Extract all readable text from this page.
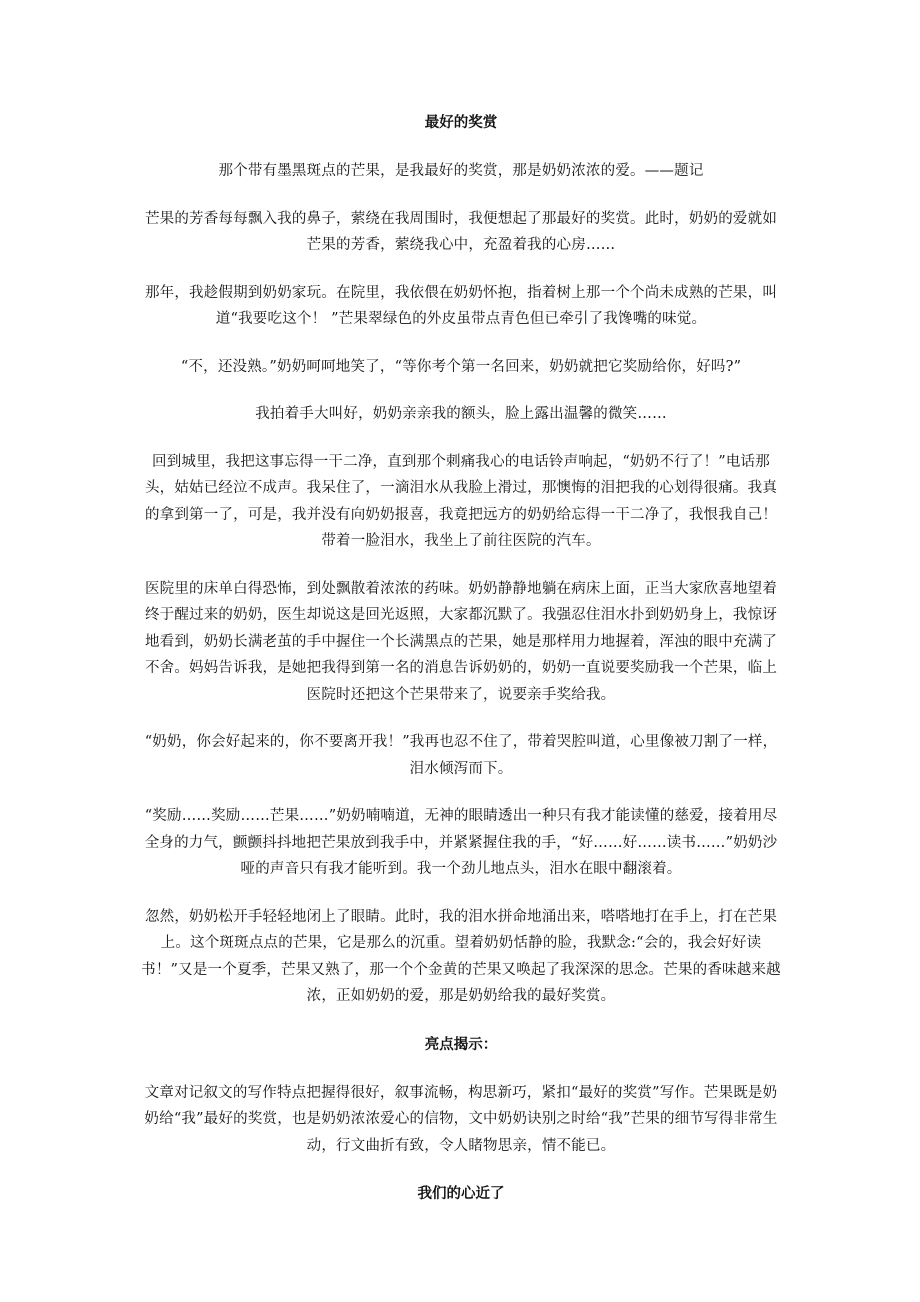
最好的奖赏

那个带有墨黑斑点的芒果，是我最好的奖赏，那是奶奶浓浓的爱。——题记

芒果的芳香每每飘入我的鼻子，萦绕在我周围时，我便想起了那最好的奖赏。此时，奶奶的爱就如芒果的芳香，萦绕我心中，充盈着我的心房……

那年，我趁假期到奶奶家玩。在院里，我依偎在奶奶怀抱，指着树上那一个个尚未成熟的芒果，叫道“我要吃这个！ ”芒果翠绿色的外皮虽带点青色但已牵引了我馋嘴的味觉。

“不，还没熟。”奶奶呵呵地笑了，“等你考个第一名回来，奶奶就把它奖励给你，好吗?”

我拍着手大叫好，奶奶亲亲我的额头，脸上露出温馨的微笑……

回到城里，我把这事忘得一干二净，直到那个刺痛我心的电话铃声响起，“奶奶不行了！”电话那头，姑姑已经泣不成声。我呆住了，一滴泪水从我脸上滑过，那懊悔的泪把我的心划得很痛。我真的拿到第一了，可是，我并没有向奶奶报喜，我竟把远方的奶奶给忘得一干二净了，我恨我自己！带着一脸泪水，我坐上了前往医院的汽车。

医院里的床单白得恐怖，到处飘散着浓浓的药味。奶奶静静地躺在病床上面，正当大家欣喜地望着终于醒过来的奶奶，医生却说这是回光返照，大家都沉默了。我强忍住泪水扑到奶奶身上，我惊讶地看到，奶奶长满老茧的手中握住一个长满黑点的芒果，她是那样用力地握着，浑浊的眼中充满了不舍。妈妈告诉我，是她把我得到第一名的消息告诉奶奶的，奶奶一直说要奖励我一个芒果，临上医院时还把这个芒果带来了，说要亲手奖给我。

“奶奶，你会好起来的，你不要离开我！”我再也忍不住了，带着哭腔叫道，心里像被刀割了一样，泪水倾泻而下。

“奖励……奖励……芒果……”奶奶喃喃道，无神的眼睛透出一种只有我才能读懂的慈爱，接着用尽全身的力气，颤颤抖抖地把芒果放到我手中，并紧紧握住我的手，“好……好……读书……”奶奶沙哑的声音只有我才能听到。我一个劲儿地点头，泪水在眼中翻滚着。

忽然，奶奶松开手轻轻地闭上了眼睛。此时，我的泪水拼命地涌出来，嗒嗒地打在手上，打在芒果上。这个斑斑点点的芒果，它是那么的沉重。望着奶奶恬静的脸，我默念:“会的，我会好好读书！”又是一个夏季，芒果又熟了，那一个个金黄的芒果又唤起了我深深的思念。芒果的香味越来越浓，正如奶奶的爱，那是奶奶给我的最好奖赏。

亮点揭示：

文章对记叙文的写作特点把握得很好，叙事流畅，构思新巧，紧扣“最好的奖赏”写作。芒果既是奶奶给“我”最好的奖赏，也是奶奶浓浓爱心的信物，文中奶奶诀别之时给“我”芒果的细节写得非常生动，行文曲折有致，令人睹物思亲，情不能已。

我们的心近了
